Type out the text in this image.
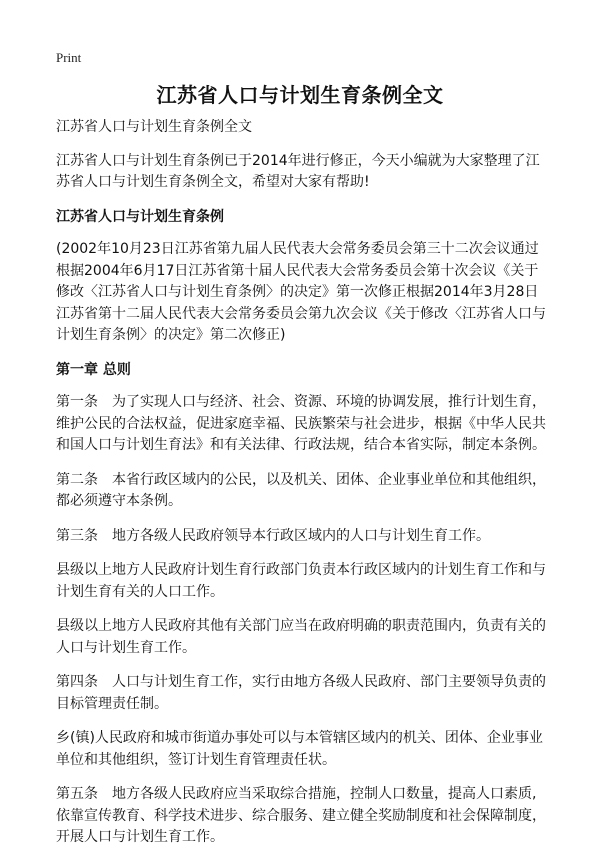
Print
江苏省人口与计划生育条例全文

江苏省人口与计划生育条例全文

江苏省人口与计划生育条例已于2014年进行修正，今天小编就为大家整理了江苏省人口与计划生育条例全文，希望对大家有帮助!

江苏省人口与计划生育条例

(2002年10月23日江苏省第九届人民代表大会常务委员会第三十二次会议通过　根据2004年6月17日江苏省第十届人民代表大会常务委员会第十次会议《关于修改〈江苏省人口与计划生育条例〉的决定》第一次修正根据2014年3月28日江苏省第十二届人民代表大会常务委员会第九次会议《关于修改〈江苏省人口与计划生育条例〉的决定》第二次修正)

第一章 总则

第一条　为了实现人口与经济、社会、资源、环境的协调发展，推行计划生育，维护公民的合法权益，促进家庭幸福、民族繁荣与社会进步，根据《中华人民共和国人口与计划生育法》和有关法律、行政法规，结合本省实际，制定本条例。

第二条　本省行政区域内的公民，以及机关、团体、企业事业单位和其他组织，都必须遵守本条例。

第三条　地方各级人民政府领导本行政区域内的人口与计划生育工作。

县级以上地方人民政府计划生育行政部门负责本行政区域内的计划生育工作和与计划生育有关的人口工作。

县级以上地方人民政府其他有关部门应当在政府明确的职责范围内，负责有关的人口与计划生育工作。

第四条　人口与计划生育工作，实行由地方各级人民政府、部门主要领导负责的目标管理责任制。

乡(镇)人民政府和城市街道办事处可以与本管辖区域内的机关、团体、企业事业单位和其他组织，签订计划生育管理责任状。

第五条　地方各级人民政府应当采取综合措施，控制人口数量，提高人口素质,依靠宣传教育、科学技术进步、综合服务、建立健全奖励制度和社会保障制度，开展人口与计划生育工作。
